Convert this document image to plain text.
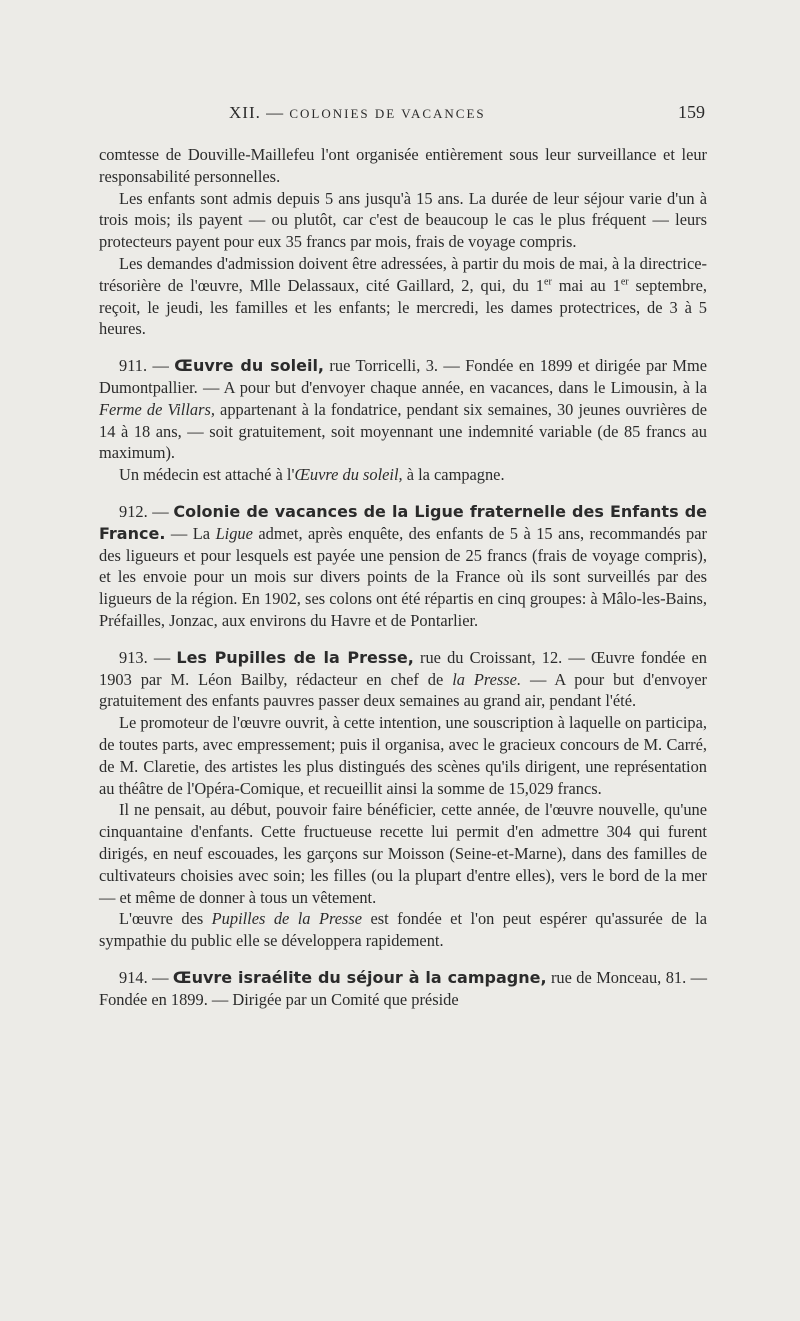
XII. — COLONIES DE VACANCES	159

comtesse de Douville-Maillefeu l'ont organisée entièrement sous leur surveillance et leur responsabilité personnelles.

Les enfants sont admis depuis 5 ans jusqu'à 15 ans. La durée de leur séjour varie d'un à trois mois; ils payent — ou plutôt, car c'est de beaucoup le cas le plus fréquent — leurs protecteurs payent pour eux 35 francs par mois, frais de voyage compris.

Les demandes d'admission doivent être adressées, à partir du mois de mai, à la directrice-trésorière de l'œuvre, Mlle Delassaux, cité Gaillard, 2, qui, du 1er mai au 1er septembre, reçoit, le jeudi, les familles et les enfants; le mercredi, les dames protectrices, de 3 à 5 heures.

911. — Œuvre du soleil, rue Torricelli, 3. — Fondée en 1899 et dirigée par Mme Dumontpallier. — A pour but d'envoyer chaque année, en vacances, dans le Limousin, à la Ferme de Villars, appartenant à la fondatrice, pendant six semaines, 30 jeunes ouvrières de 14 à 18 ans, — soit gratuitement, soit moyennant une indemnité variable (de 85 francs au maximum).

Un médecin est attaché à l'Œuvre du soleil, à la campagne.

912. — Colonie de vacances de la Ligue fraternelle des Enfants de France. — La Ligue admet, après enquête, des enfants de 5 à 15 ans, recommandés par des ligueurs et pour lesquels est payée une pension de 25 francs (frais de voyage compris), et les envoie pour un mois sur divers points de la France où ils sont surveillés par des ligueurs de la région. En 1902, ses colons ont été répartis en cinq groupes: à Mâlo-les-Bains, Préfailles, Jonzac, aux environs du Havre et de Pontarlier.

913. — Les Pupilles de la Presse, rue du Croissant, 12. — Œuvre fondée en 1903 par M. Léon Bailby, rédacteur en chef de la Presse. — A pour but d'envoyer gratuitement des enfants pauvres passer deux semaines au grand air, pendant l'été.

Le promoteur de l'œuvre ouvrit, à cette intention, une souscription à laquelle on participa, de toutes parts, avec empressement; puis il organisa, avec le gracieux concours de M. Carré, de M. Claretie, des artistes les plus distingués des scènes qu'ils dirigent, une représentation au théâtre de l'Opéra-Comique, et recueillit ainsi la somme de 15,029 francs.

Il ne pensait, au début, pouvoir faire bénéficier, cette année, de l'œuvre nouvelle, qu'une cinquantaine d'enfants. Cette fructueuse recette lui permit d'en admettre 304 qui furent dirigés, en neuf escouades, les garçons sur Moisson (Seine-et-Marne), dans des familles de cultivateurs choisies avec soin; les filles (ou la plupart d'entre elles), vers le bord de la mer — et même de donner à tous un vêtement.

L'œuvre des Pupilles de la Presse est fondée et l'on peut espérer qu'assurée de la sympathie du public elle se développera rapidement.

914. — Œuvre israélite du séjour à la campagne, rue de Monceau, 81. — Fondée en 1899. — Dirigée par un Comité que préside
